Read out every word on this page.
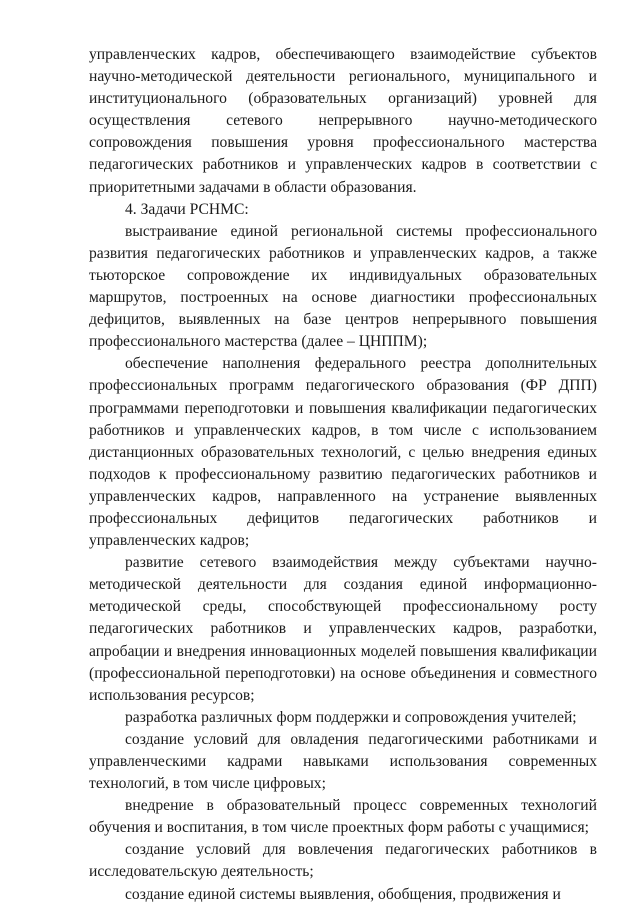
управленческих кадров, обеспечивающего взаимодействие субъектов научно-методической деятельности регионального, муниципального и институционального (образовательных организаций) уровней для осуществления сетевого непрерывного научно-методического сопровождения повышения уровня профессионального мастерства педагогических работников и управленческих кадров в соответствии с приоритетными задачами в области образования.

4. Задачи РСНМС:

выстраивание единой региональной системы профессионального развития педагогических работников и управленческих кадров, а также тьюторское сопровождение их индивидуальных образовательных маршрутов, построенных на основе диагностики профессиональных дефицитов, выявленных на базе центров непрерывного повышения профессионального мастерства (далее – ЦНППМ);

обеспечение наполнения федерального реестра дополнительных профессиональных программ педагогического образования (ФР ДПП) программами переподготовки и повышения квалификации педагогических работников и управленческих кадров, в том числе с использованием дистанционных образовательных технологий, с целью внедрения единых подходов к профессиональному развитию педагогических работников и управленческих кадров, направленного на устранение выявленных профессиональных дефицитов педагогических работников и управленческих кадров;

развитие сетевого взаимодействия между субъектами научно-методической деятельности для создания единой информационно-методической среды, способствующей профессиональному росту педагогических работников и управленческих кадров, разработки, апробации и внедрения инновационных моделей повышения квалификации (профессиональной переподготовки) на основе объединения и совместного использования ресурсов;

разработка различных форм поддержки и сопровождения учителей;

создание условий для овладения педагогическими работниками и управленческими кадрами навыками использования современных технологий, в том числе цифровых;

внедрение в образовательный процесс современных технологий обучения и воспитания, в том числе проектных форм работы с учащимися;

создание условий для вовлечения педагогических работников в исследовательскую деятельность;

создание единой системы выявления, обобщения, продвижения и
